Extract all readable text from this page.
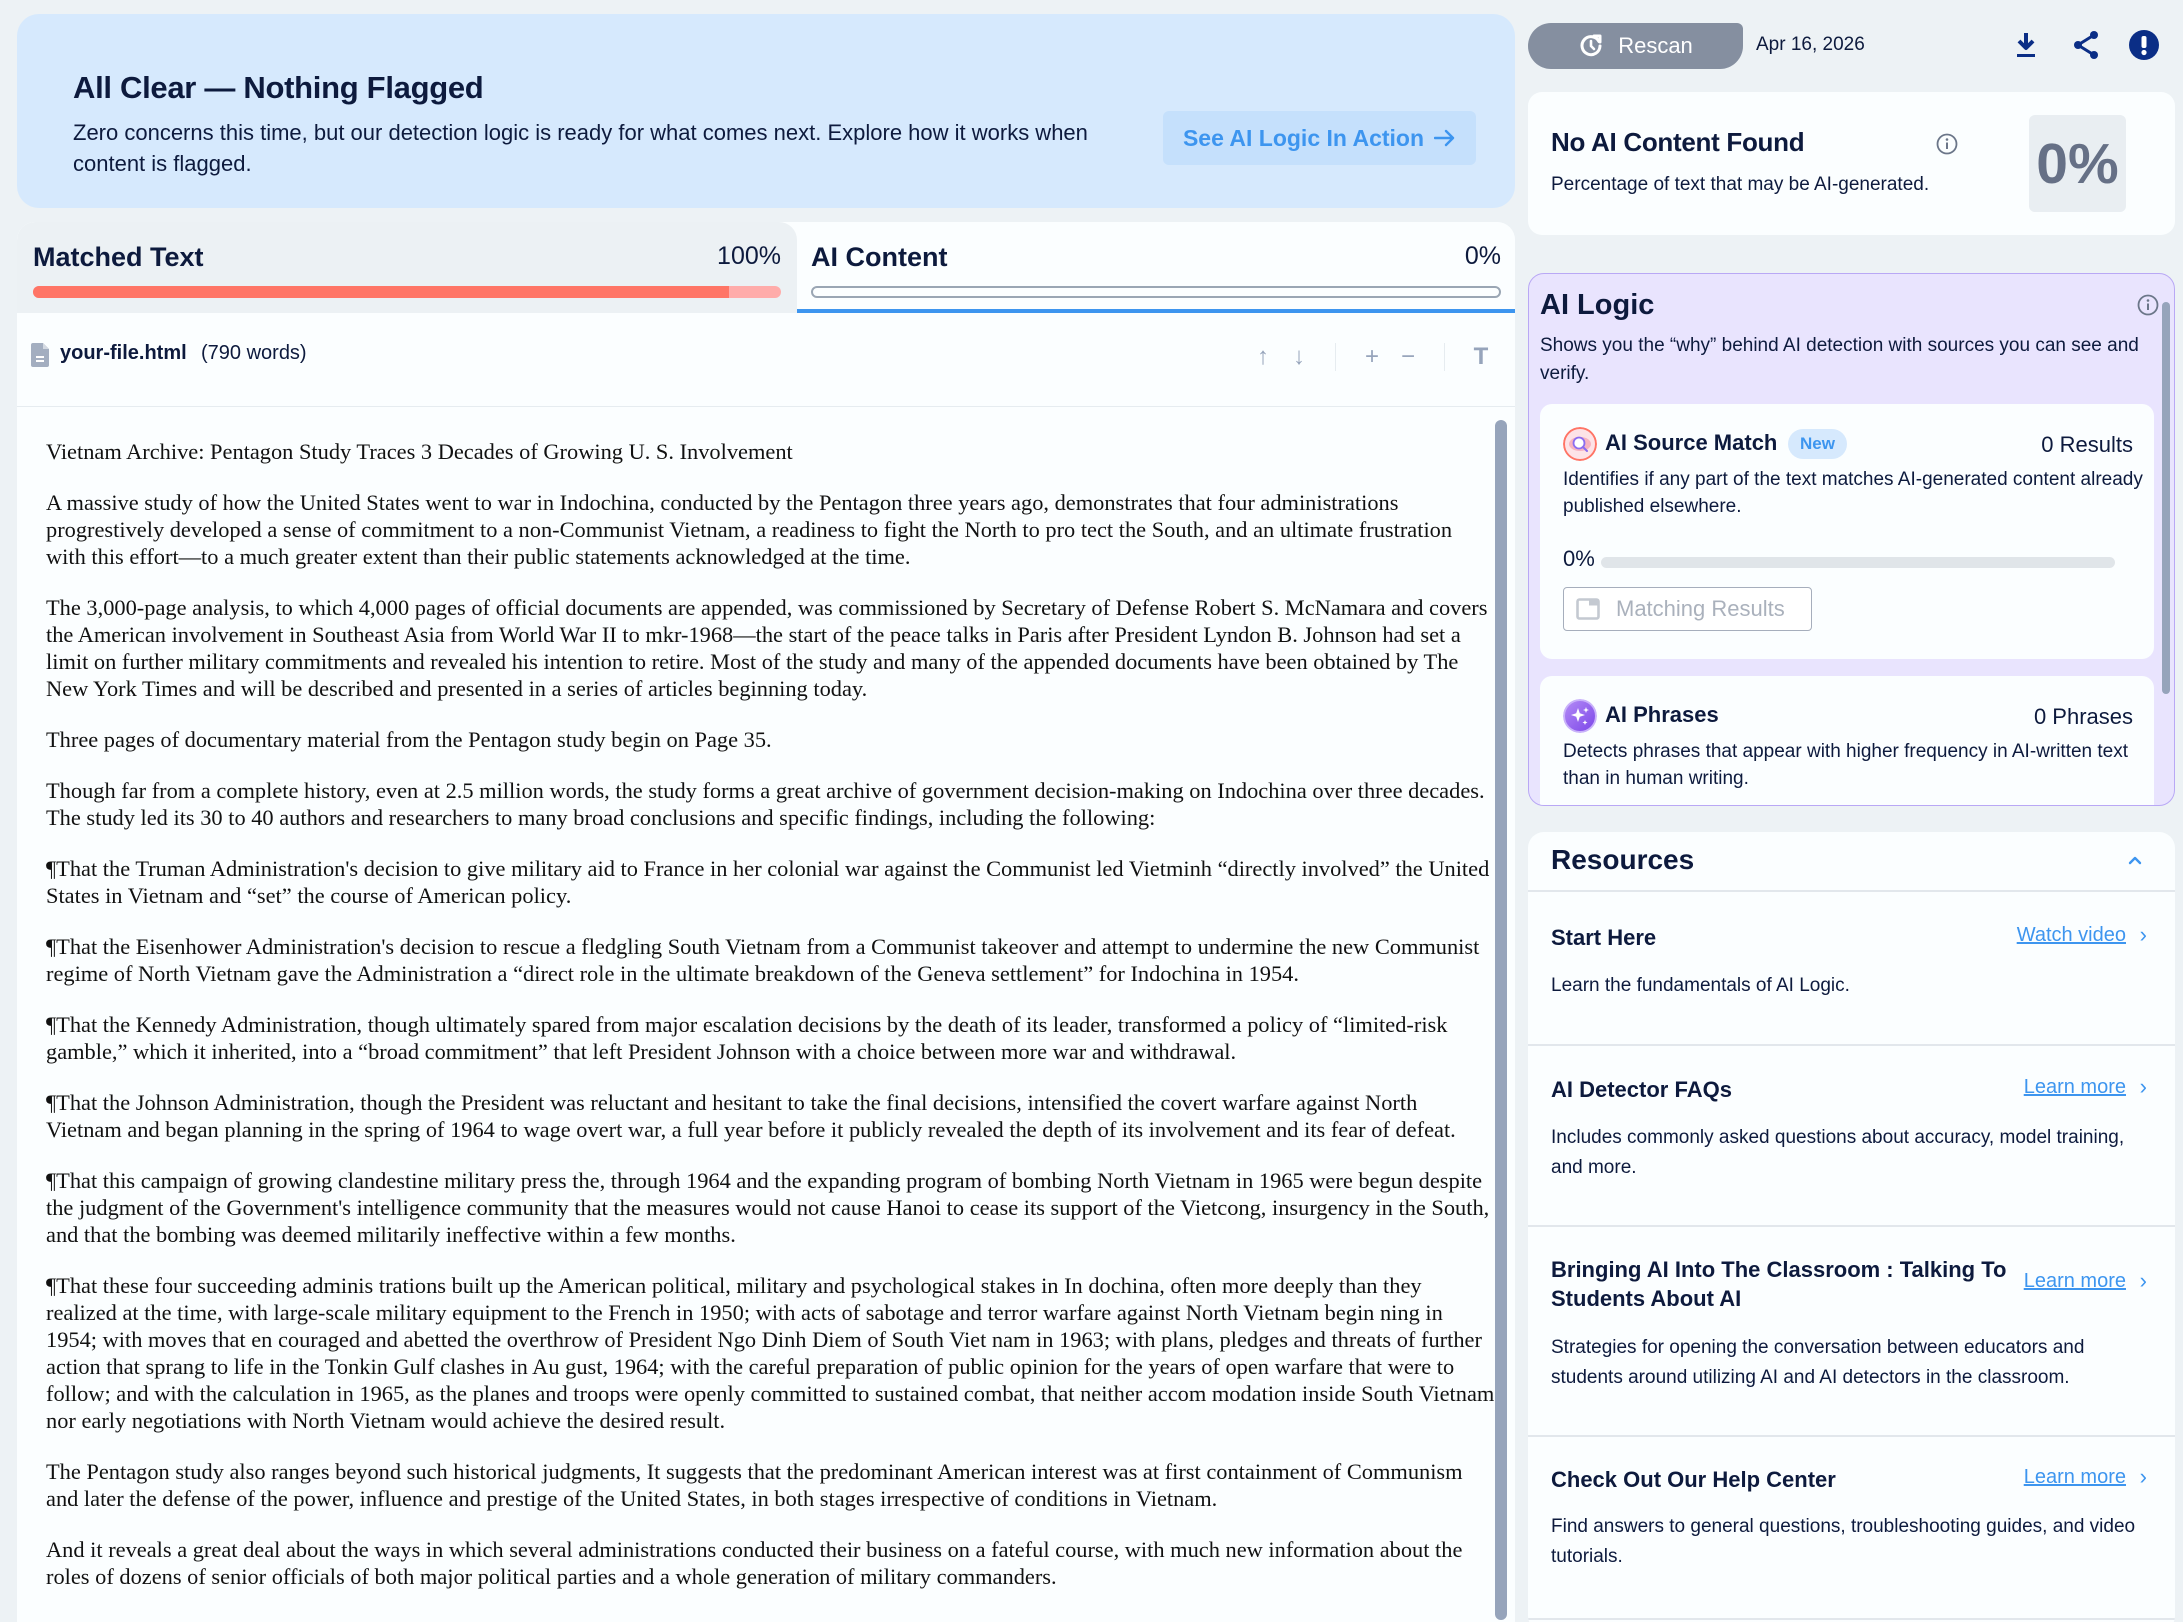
All Clear — Nothing Flagged
Zero concerns this time, but our detection logic is ready for what comes next. Explore how it works when content is flagged.
See AI Logic In Action
Matched Text	100% AI Content	0%
your-file.html (790 words)	↑	↓	+ −	T

Vietnam Archive: Pentagon Study Traces 3 Decades of Growing U. S. Involvement

A massive study of how the United States went to war in Indochina, conducted by the Pentagon three years ago, demonstrates that four administrations progrestively developed a sense of commitment to a non-Communist Vietnam, a readiness to fight the North to pro tect the South, and an ultimate frustration with this effort—to a much greater extent than their public statements acknowledged at the time.

The 3,000-page analysis, to which 4,000 pages of official documents are appended, was commissioned by Secretary of Defense Robert S. McNamara and covers the American involvement in Southeast Asia from World War II to mkr-1968—the start of the peace talks in Paris after President Lyndon B. Johnson had set a limit on further military commitments and revealed his intention to retire. Most of the study and many of the appended documents have been obtained by The New York Times and will be described and presented in a series of articles beginning today.

Three pages of documentary material from the Pentagon study begin on Page 35.

Though far from a complete history, even at 2.5 million words, the study forms a great archive of government decision-making on Indochina over three decades. The study led its 30 to 40 authors and researchers to many broad conclusions and specific findings, including the following:

¶That the Truman Administration's decision to give military aid to France in her colonial war against the Communist led Vietminh “directly involved” the United States in Vietnam and “set” the course of American policy.

¶That the Eisenhower Administration's decision to rescue a fledgling South Vietnam from a Communist takeover and attempt to undermine the new Communist regime of North Vietnam gave the Administration a “direct role in the ultimate breakdown of the Geneva settlement” for Indochina in 1954.

¶That the Kennedy Administration, though ultimately spared from major escalation decisions by the death of its leader, transformed a policy of “limited-risk gamble,” which it inherited, into a “broad commitment” that left President Johnson with a choice between more war and withdrawal.

¶That the Johnson Administration, though the President was reluctant and hesitant to take the final decisions, intensified the covert warfare against North Vietnam and began planning in the spring of 1964 to wage overt war, a full year before it publicly revealed the depth of its involvement and its fear of defeat.

¶That this campaign of growing clandestine military press the, through 1964 and the expanding program of bombing North Vietnam in 1965 were begun despite the judgment of the Government's intelligence community that the measures would not cause Hanoi to cease its support of the Vietcong, insurgency in the South, and that the bombing was deemed militarily ineffective within a few months.

¶That these four succeeding adminis trations built up the American political, military and psychological stakes in In dochina, often more deeply than they realized at the time, with large-scale military equipment to the French in 1950; with acts of sabotage and terror warfare against North Vietnam begin ning in 1954; with moves that en couraged and abetted the overthrow of President Ngo Dinh Diem of South Viet nam in 1963; with plans, pledges and threats of further action that sprang to life in the Tonkin Gulf clashes in Au gust, 1964; with the careful preparation of public opinion for the years of open warfare that were to follow; and with the calculation in 1965, as the planes and troops were openly committed to sustained combat, that neither accom modation inside South Vietnam nor early negotiations with North Vietnam would achieve the desired result.

The Pentagon study also ranges beyond such historical judgments, It suggests that the predominant American interest was at first containment of Communism and later the defense of the power, influence and prestige of the United States, in both stages irrespective of conditions in Vietnam.

And it reveals a great deal about the ways in which several administrations conducted their business on a fateful course, with much new information about the roles of dozens of senior officials of both major political parties and a whole generation of military commanders.

Rescan	Apr 16, 2026
No AI Content Found
Percentage of text that may be AI-generated. 0%
AI Logic
Shows you the “why” behind AI detection with sources you can see and verify.
AI Source Match	New	0 Results
Identifies if any part of the text matches AI-generated content already published elsewhere.
0%
Matching Results
AI Phrases	0 Phrases
Detects phrases that appear with higher frequency in AI-written text than in human writing.
Resources
Start Here	Watch video ›
Learn the fundamentals of AI Logic.
AI Detector FAQs	Learn more ›
Includes commonly asked questions about accuracy, model training, and more.
Bringing AI Into The Classroom : Talking To Students About AI
Learn more ›
Strategies for opening the conversation between educators and students around utilizing AI and AI detectors in the classroom.
Check Out Our Help Center	Learn more ›
Find answers to general questions, troubleshooting guides, and video tutorials.
